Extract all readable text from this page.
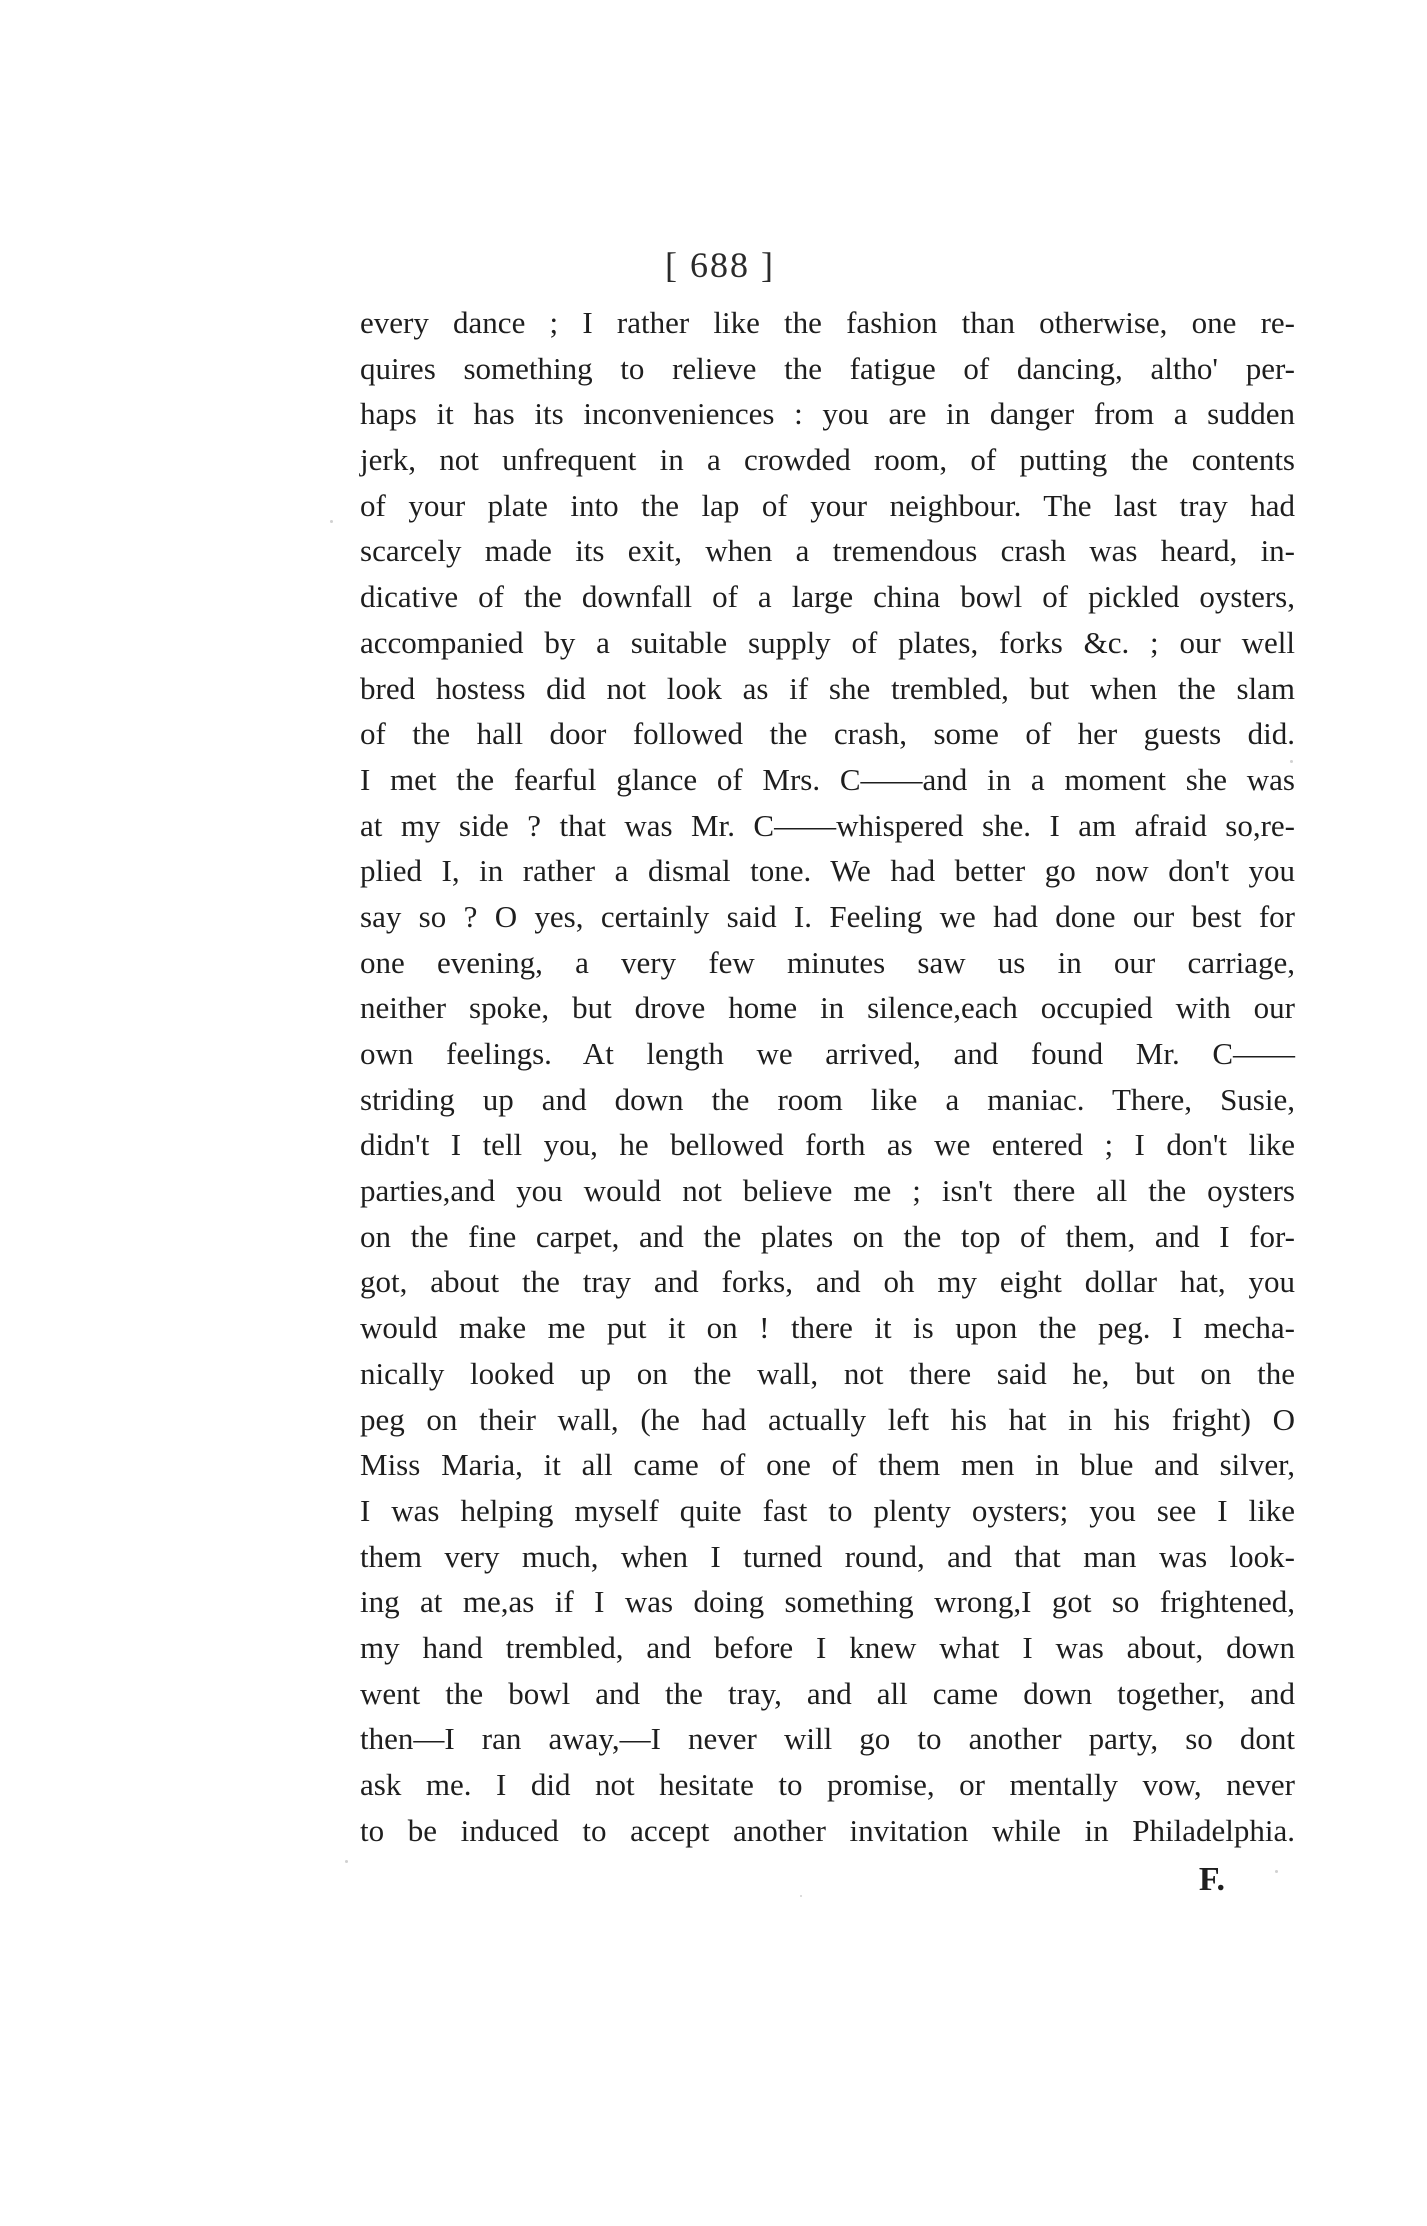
[ 688 ]
every dance ; I rather like the fashion than otherwise, one re-
quires something to relieve the fatigue of dancing, altho' per-
haps it has its inconveniences : you are in danger from a sudden
jerk, not unfrequent in a crowded room, of putting the contents
of your plate into the lap of your neighbour. The last tray had
scarcely made its exit, when a tremendous crash was heard, in-
dicative of the downfall of a large china bowl of pickled oysters,
accompanied by a suitable supply of plates, forks &c. ; our well
bred hostess did not look as if she trembled, but when the slam
of the hall door followed the crash, some of her guests did.
I met the fearful glance of Mrs. C——and in a moment she was
at my side ? that was Mr. C——whispered she. I am afraid so,re-
plied I, in rather a dismal tone. We had better go now don't you
say so ? O yes, certainly said I. Feeling we had done our best for
one evening, a very few minutes saw us in our carriage,
neither spoke, but drove home in silence,each occupied with our
own feelings. At length we arrived, and found Mr. C——
striding up and down the room like a maniac. There, Susie,
didn't I tell you, he bellowed forth as we entered ; I don't like
parties,and you would not believe me ; isn't there all the oysters
on the fine carpet, and the plates on the top of them, and I for-
got, about the tray and forks, and oh my eight dollar hat, you
would make me put it on ! there it is upon the peg. I mecha-
nically looked up on the wall, not there said he, but on the
peg on their wall, (he had actually left his hat in his fright) O
Miss Maria, it all came of one of them men in blue and silver,
I was helping myself quite fast to plenty oysters; you see I like
them very much, when I turned round, and that man was look-
ing at me,as if I was doing something wrong,I got so frightened,
my hand trembled, and before I knew what I was about, down
went the bowl and the tray, and all came down together, and
then—I ran away,—I never will go to another party, so dont
ask me. I did not hesitate to promise, or mentally vow, never
to be induced to accept another invitation while in Philadelphia.
F.
